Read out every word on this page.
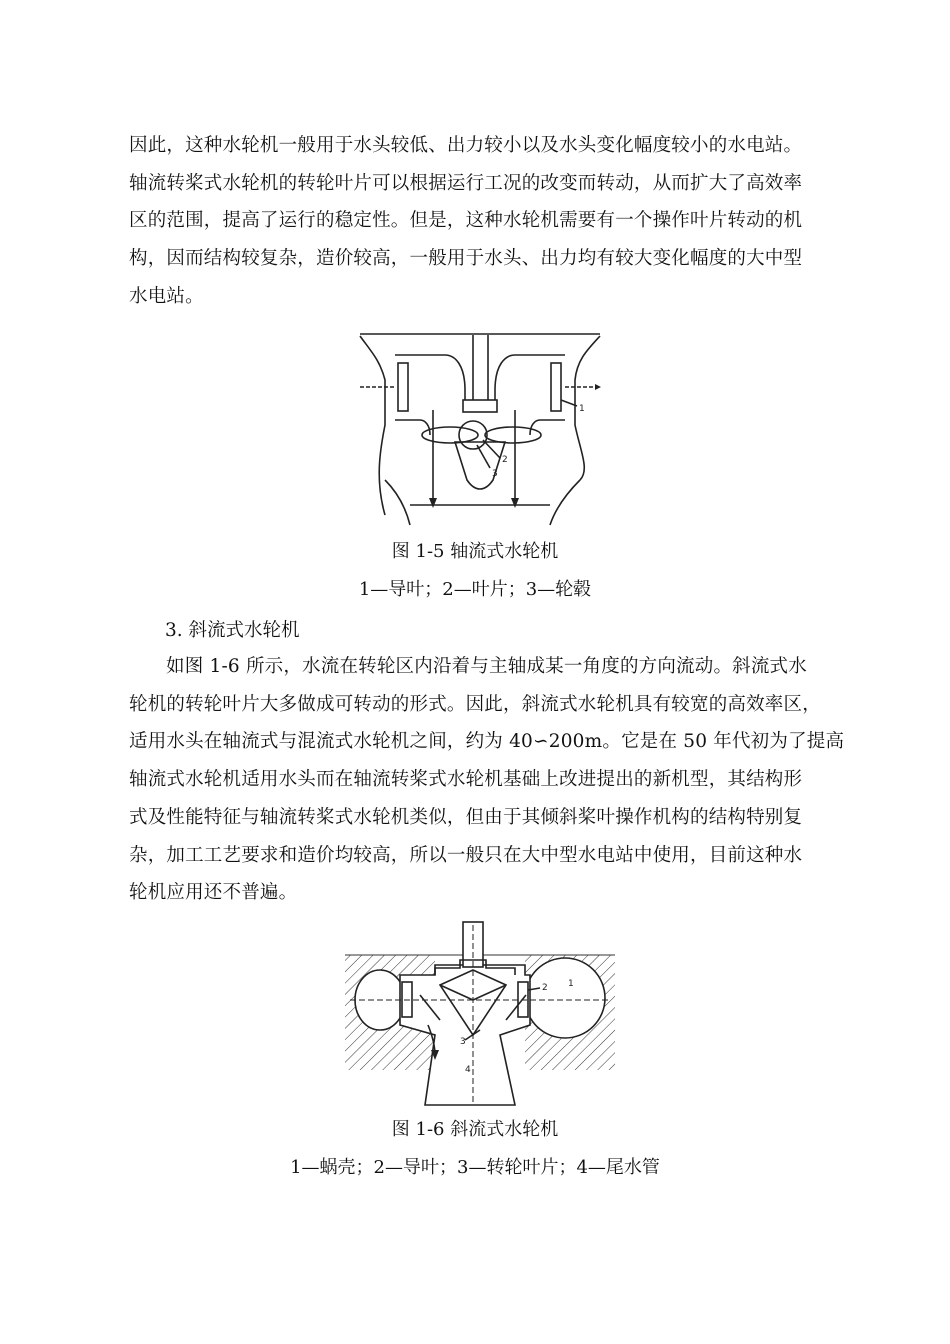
因此，这种水轮机一般用于水头较低、出力较小以及水头变化幅度较小的水电站。
轴流转桨式水轮机的转轮叶片可以根据运行工况的改变而转动，从而扩大了高效率
区的范围，提高了运行的稳定性。但是，这种水轮机需要有一个操作叶片转动的机
构，因而结构较复杂，造价较高，一般用于水头、出力均有较大变化幅度的大中型
水电站。
1
2
3
图 1-5 轴流式水轮机
1—导叶；2—叶片；3—轮毂
3. 斜流式水轮机
如图 1-6 所示，水流在转轮区内沿着与主轴成某一角度的方向流动。斜流式水
轮机的转轮叶片大多做成可转动的形式。因此，斜流式水轮机具有较宽的高效率区，
适用水头在轴流式与混流式水轮机之间，约为 40∽200m。它是在 50 年代初为了提高
轴流式水轮机适用水头而在轴流转桨式水轮机基础上改进提出的新机型，其结构形
式及性能特征与轴流转桨式水轮机类似，但由于其倾斜桨叶操作机构的结构特别复
杂，加工工艺要求和造价均较高，所以一般只在大中型水电站中使用，目前这种水
轮机应用还不普遍。
1
2
3
4
图 1-6 斜流式水轮机
1—蜗壳；2—导叶；3—转轮叶片；4—尾水管
